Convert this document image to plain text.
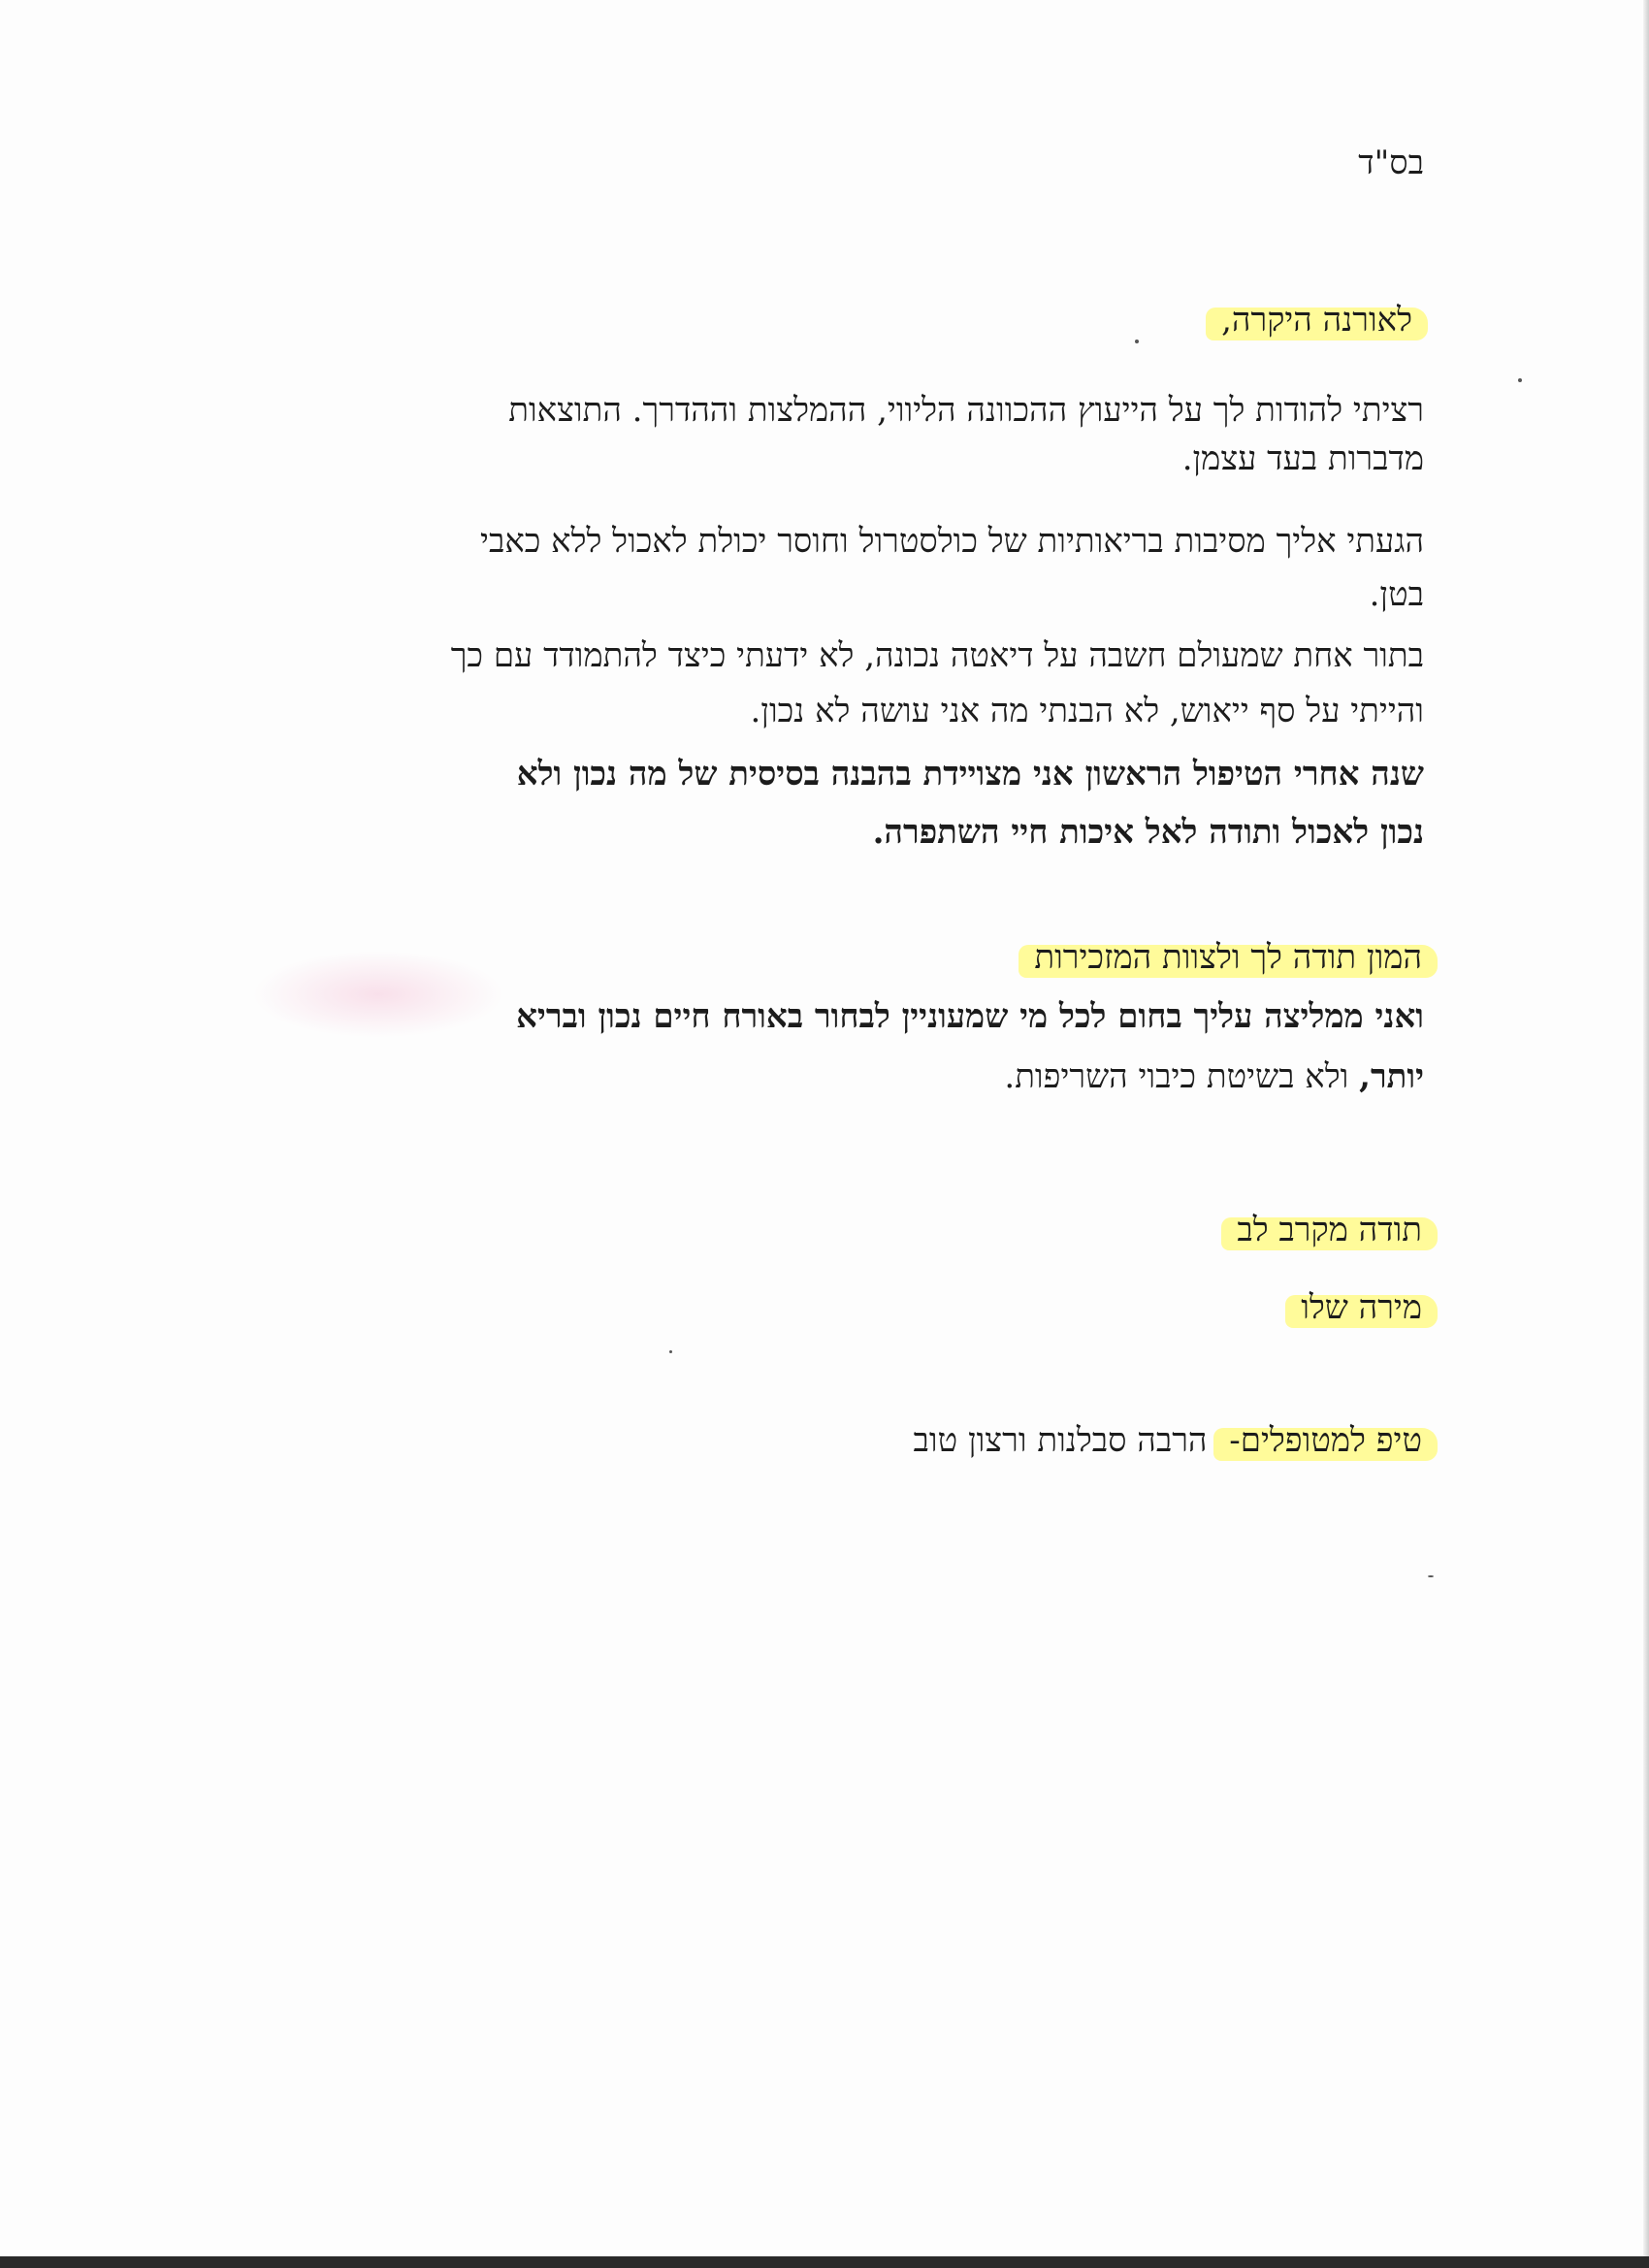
בס"ד
לאורנה היקרה,
רציתי להודות לך על הייעוץ ההכוונה הליווי, ההמלצות וההדרך. התוצאות
מדברות בעד עצמן.
הגעתי אליך מסיבות בריאותיות של כולסטרול וחוסר יכולת לאכול ללא כאבי
בטן.
בתור אחת שמעולם חשבה על דיאטה נכונה, לא ידעתי כיצד להתמודד עם כך
והייתי על סף ייאוש, לא הבנתי מה אני עושה לא נכון.
שנה אחרי הטיפול הראשון אני מצויידת בהבנה בסיסית של מה נכון ולא
נכון לאכול ותודה לאל איכות חיי השתפרה.
המון תודה לך ולצוות המזכירות
ואני ממליצה עליך בחום לכל מי שמעוניין לבחור באורח חיים נכון ובריא
יותר, ולא בשיטת כיבוי השריפות.
תודה מקרב לב
מירה שלו
טיפ למטופלים- הרבה סבלנות ורצון טוב
